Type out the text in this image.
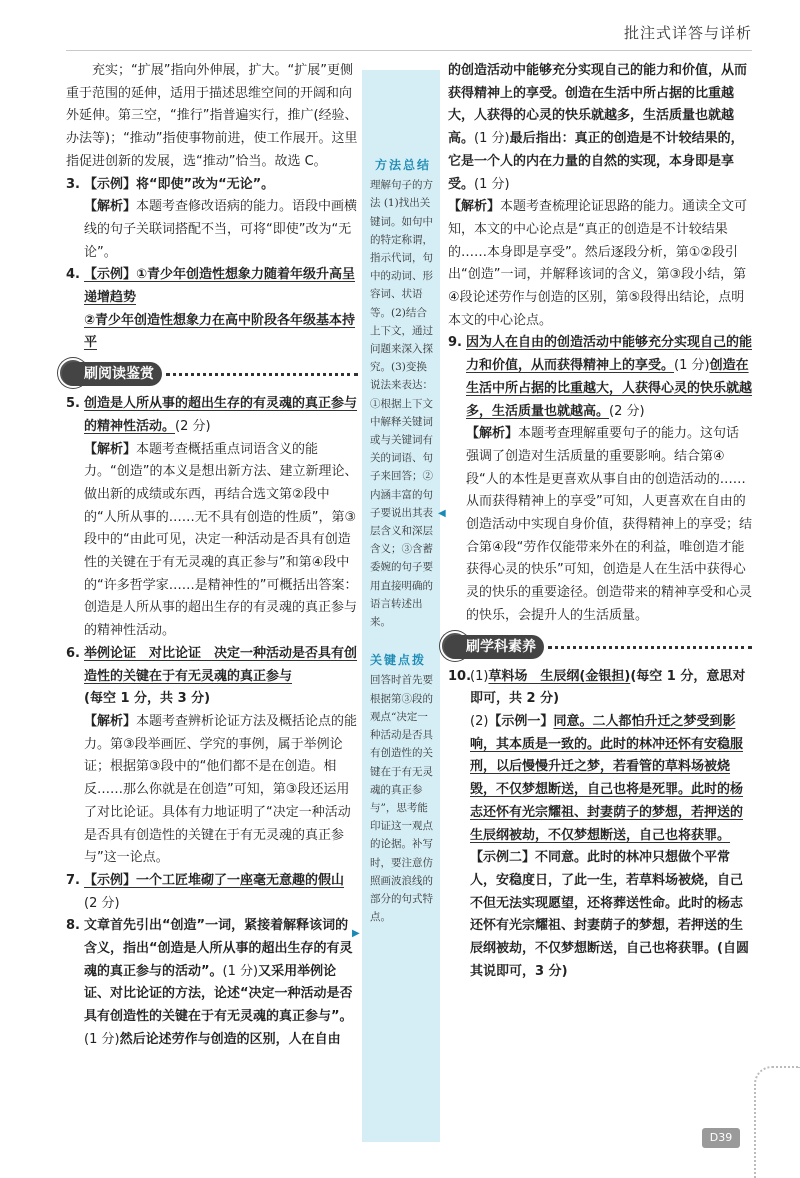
批注式详答与详析

充实；“扩展”指向外伸展，扩大。“扩展”更侧重于范围的延伸，适用于描述思维空间的开阔和向外延伸。第三空，“推行”指普遍实行，推广(经验、办法等)；“推动”指使事物前进，使工作展开。这里指促进创新的发展，选“推动”恰当。故选 C。

3. 【示例】将“即使”改为“无论”。

【解析】本题考查修改语病的能力。语段中画横线的句子关联词搭配不当，可将“即使”改为“无论”。

4. 【示例】①青少年创造性想象力随着年级升高呈递增趋势

②青少年创造性想象力在高中阶段各年级基本持平

刷阅读鉴赏
5. 创造是人所从事的超出生存的有灵魂的真正参与的精神性活动。(2 分)

【解析】本题考查概括重点词语含义的能力。“创造”的本义是想出新方法、建立新理论、做出新的成绩或东西，再结合选文第②段中的“人所从事的……无不具有创造的性质”，第③段中的“由此可见，决定一种活动是否具有创造性的关键在于有无灵魂的真正参与”和第④段中的“许多哲学家……是精神性的”可概括出答案：创造是人所从事的超出生存的有灵魂的真正参与的精神性活动。

6. 举例论证　对比论证　决定一种活动是否具有创造性的关键在于有无灵魂的真正参与

(每空 1 分，共 3 分)

【解析】本题考查辨析论证方法及概括论点的能力。第③段举画匠、学究的事例，属于举例论证；根据第③段中的“他们都不是在创造。相反……那么你就是在创造”可知，第③段还运用了对比论证。具体有力地证明了“决定一种活动是否具有创造性的关键在于有无灵魂的真正参与”这一论点。

7. 【示例】一个工匠堆砌了一座毫无意趣的假山

(2 分)

8. 文章首先引出“创造”一词，紧接着解释该词的含义，指出“创造是人所从事的超出生存的有灵魂的真正参与的活动”。(1 分)又采用举例论证、对比论证的方法，论述“决定一种活动是否具有创造性的关键在于有无灵魂的真正参与”。(1 分)然后论述劳作与创造的区别，人在自由

方法总结

理解句子的方法 (1)找出关键词。如句中的特定称谓，指示代词，句中的动词、形容词、状语等。(2)结合上下文，通过问题来深入探究。(3)变换说法来表达：①根据上下文中解释关键词或与关键词有关的词语、句子来回答；②内涵丰富的句子要说出其表层含义和深层含义；③含蓄委婉的句子要用直接明确的语言转述出来。

关键点拨

回答时首先要根据第③段的观点“决定一种活动是否具有创造性的关键在于有无灵魂的真正参与”，思考能印证这一观点的论据。补写时，要注意仿照画波浪线的部分的句式特点。

◀
▶

的创造活动中能够充分实现自己的能力和价值，从而获得精神上的享受。创造在生活中所占据的比重越大，人获得的心灵的快乐就越多，生活质量也就越高。(1 分)最后指出：真正的创造是不计较结果的，它是一个人的内在力量的自然的实现，本身即是享受。(1 分)

【解析】本题考查梳理论证思路的能力。通读全文可知，本文的中心论点是“真正的创造是不计较结果的……本身即是享受”。然后逐段分析，第①②段引出“创造”一词，并解释该词的含义，第③段小结，第④段论述劳作与创造的区别，第⑤段得出结论，点明本文的中心论点。

9. 因为人在自由的创造活动中能够充分实现自己的能力和价值，从而获得精神上的享受。(1 分)创造在生活中所占据的比重越大，人获得心灵的快乐就越多，生活质量也就越高。(2 分)

【解析】本题考查理解重要句子的能力。这句话强调了创造对生活质量的重要影响。结合第④段“人的本性是更喜欢从事自由的创造活动的……从而获得精神上的享受”可知，人更喜欢在自由的创造活动中实现自身价值，获得精神上的享受；结合第④段“劳作仅能带来外在的利益，唯创造才能获得心灵的快乐”可知，创造是人在生活中获得心灵的快乐的重要途径。创造带来的精神享受和心灵的快乐，会提升人的生活质量。

刷学科素养
10.

(1)草料场　生辰纲(金银担)(每空 1 分，意思对即可，共 2 分)

(2)【示例一】同意。二人都怕升迁之梦受到影响，其本质是一致的。此时的林冲还怀有安稳服刑，以后慢慢升迁之梦，若看管的草料场被烧毁，不仅梦想断送，自己也将是死罪。此时的杨志还怀有光宗耀祖、封妻荫子的梦想，若押送的生辰纲被劫，不仅梦想断送，自己也将获罪。

【示例二】不同意。此时的林冲只想做个平常人，安稳度日，了此一生，若草料场被烧，自己不但无法实现愿望，还将葬送性命。此时的杨志还怀有光宗耀祖、封妻荫子的梦想，若押送的生辰纲被劫，不仅梦想断送，自己也将获罪。(自圆其说即可，3 分)

D39
